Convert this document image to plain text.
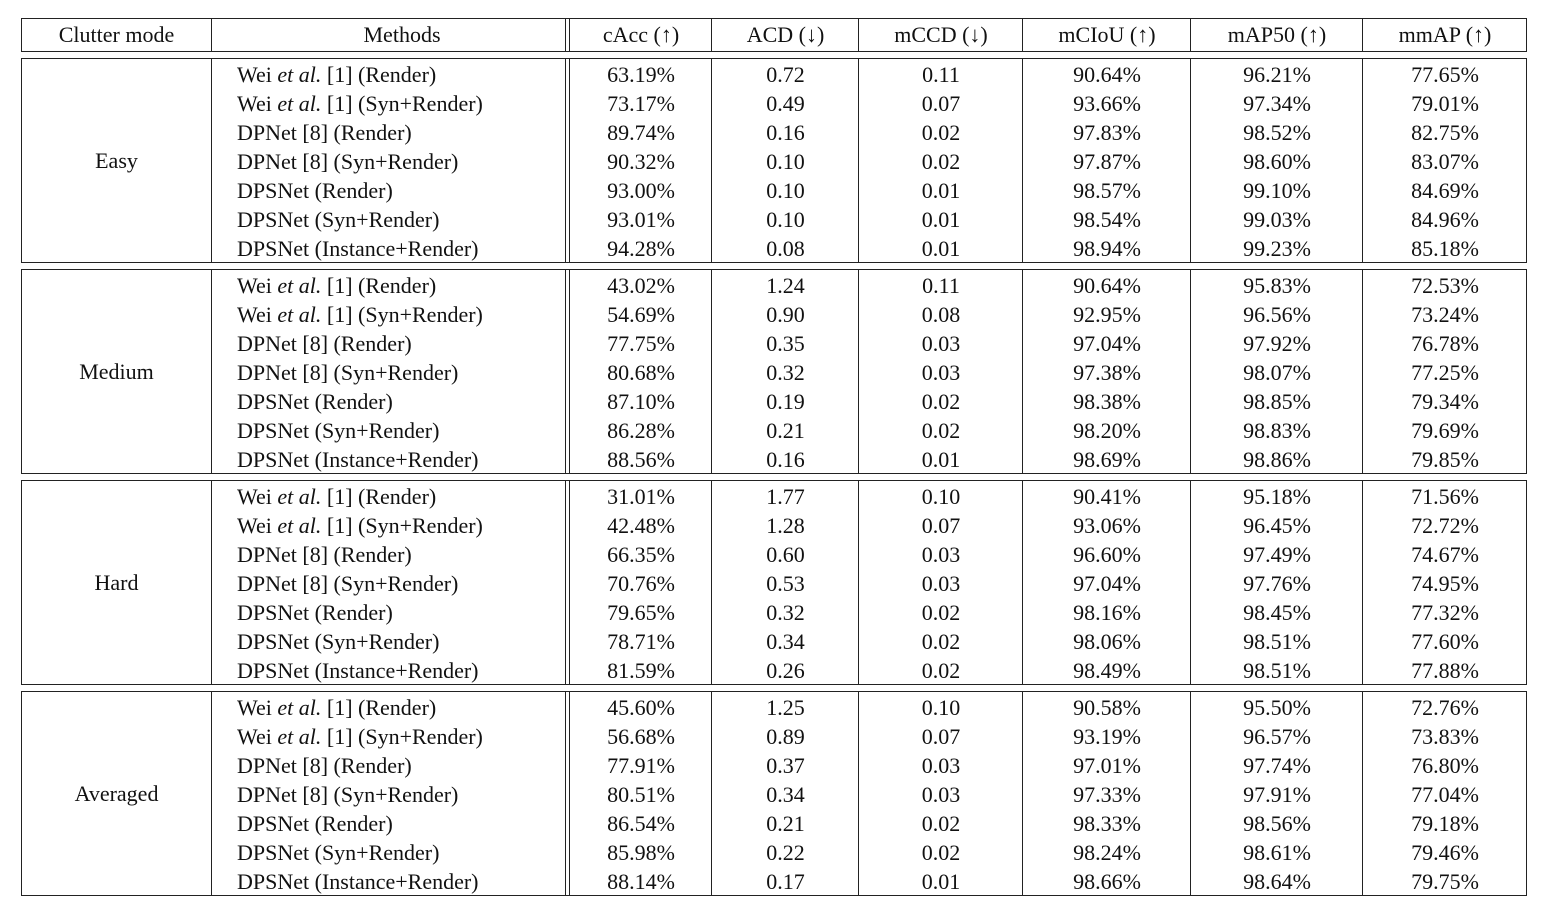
Clutter mode	Methods	cAcc (↑)	ACD (↓)	mCCD (↓)	mCIoU (↑)	mAP50 (↑)	mmAP (↑)
Easy
Wei et al. [1] (Render)	63.19%	0.72	0.11	90.64%	96.21%	77.65%
Wei et al. [1] (Syn+Render)	73.17%	0.49	0.07	93.66%	97.34%	79.01%
DPNet [8] (Render)	89.74%	0.16	0.02	97.83%	98.52%	82.75%
DPNet [8] (Syn+Render)	90.32%	0.10	0.02	97.87%	98.60%	83.07%
DPSNet (Render)	93.00%	0.10	0.01	98.57%	99.10%	84.69%
DPSNet (Syn+Render)	93.01%	0.10	0.01	98.54%	99.03%	84.96%
DPSNet (Instance+Render)	94.28%	0.08	0.01	98.94%	99.23%	85.18%
Medium
Wei et al. [1] (Render)	43.02%	1.24	0.11	90.64%	95.83%	72.53%
Wei et al. [1] (Syn+Render)	54.69%	0.90	0.08	92.95%	96.56%	73.24%
DPNet [8] (Render)	77.75%	0.35	0.03	97.04%	97.92%	76.78%
DPNet [8] (Syn+Render)	80.68%	0.32	0.03	97.38%	98.07%	77.25%
DPSNet (Render)	87.10%	0.19	0.02	98.38%	98.85%	79.34%
DPSNet (Syn+Render)	86.28%	0.21	0.02	98.20%	98.83%	79.69%
DPSNet (Instance+Render)	88.56%	0.16	0.01	98.69%	98.86%	79.85%
Hard
Wei et al. [1] (Render)	31.01%	1.77	0.10	90.41%	95.18%	71.56%
Wei et al. [1] (Syn+Render)	42.48%	1.28	0.07	93.06%	96.45%	72.72%
DPNet [8] (Render)	66.35%	0.60	0.03	96.60%	97.49%	74.67%
DPNet [8] (Syn+Render)	70.76%	0.53	0.03	97.04%	97.76%	74.95%
DPSNet (Render)	79.65%	0.32	0.02	98.16%	98.45%	77.32%
DPSNet (Syn+Render)	78.71%	0.34	0.02	98.06%	98.51%	77.60%
DPSNet (Instance+Render)	81.59%	0.26	0.02	98.49%	98.51%	77.88%
Averaged
Wei et al. [1] (Render)	45.60%	1.25	0.10	90.58%	95.50%	72.76%
Wei et al. [1] (Syn+Render)	56.68%	0.89	0.07	93.19%	96.57%	73.83%
DPNet [8] (Render)	77.91%	0.37	0.03	97.01%	97.74%	76.80%
DPNet [8] (Syn+Render)	80.51%	0.34	0.03	97.33%	97.91%	77.04%
DPSNet (Render)	86.54%	0.21	0.02	98.33%	98.56%	79.18%
DPSNet (Syn+Render)	85.98%	0.22	0.02	98.24%	98.61%	79.46%
DPSNet (Instance+Render)	88.14%	0.17	0.01	98.66%	98.64%	79.75%
